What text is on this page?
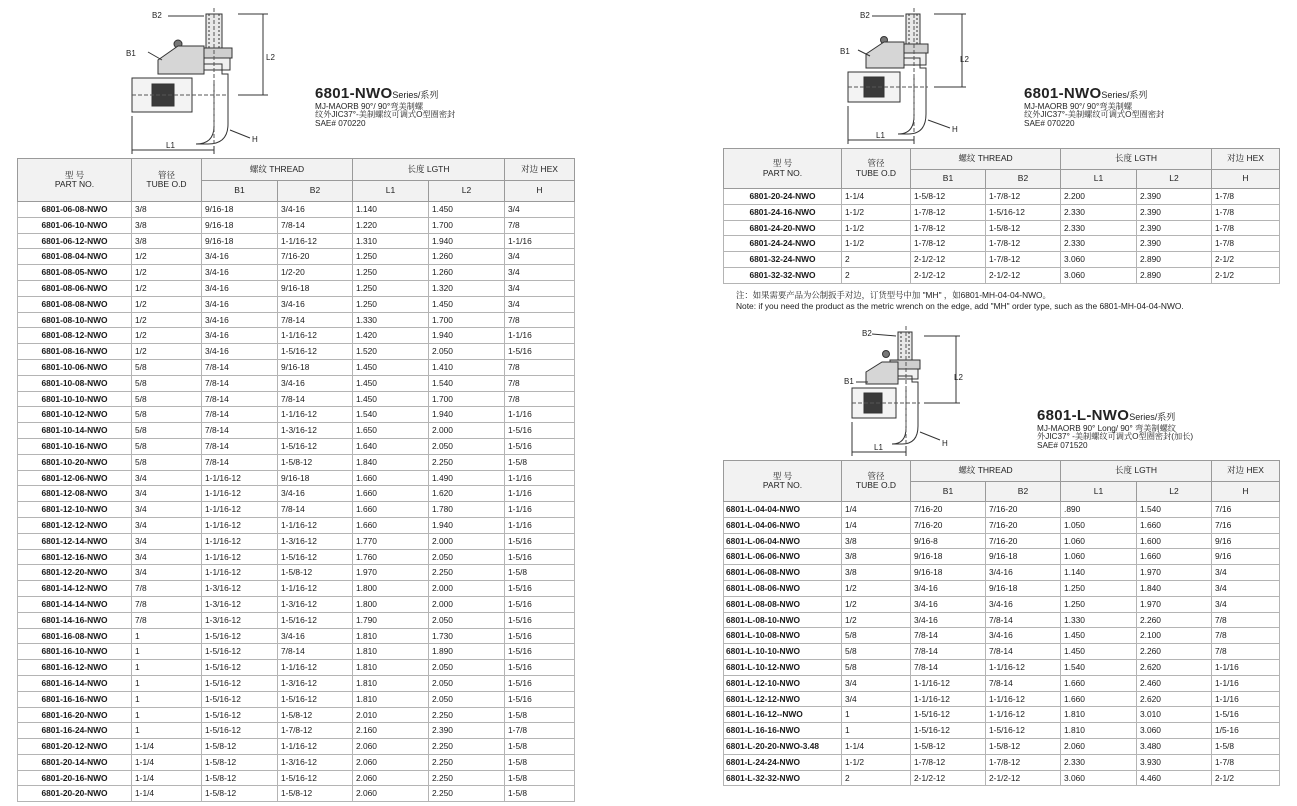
B2
B1	L2
H
L1
6801-NWOSeries/系列
MJ-MAORB 90°/ 90°弯美制螺
纹外JIC37°-美制螺纹可调式O型圈密封
SAE# 070220
型 号
PART NO.	管径
TUBE O.D	螺纹 THREAD		长度 LGTH		对边 HEX
		B1	B2	L1	L2	H
6801-06-08-NWO	3/8	9/16-18	3/4-16	1.140	1.450	3/4
6801-06-10-NWO	3/8	9/16-18	7/8-14	1.220	1.700	7/8
6801-06-12-NWO	3/8	9/16-18	1-1/16-12	1.310	1.940	1-1/16
6801-08-04-NWO	1/2	3/4-16	7/16-20	1.250	1.260	3/4
6801-08-05-NWO	1/2	3/4-16	1/2-20	1.250	1.260	3/4
6801-08-06-NWO	1/2	3/4-16	9/16-18	1.250	1.320	3/4
6801-08-08-NWO	1/2	3/4-16	3/4-16	1.250	1.450	3/4
6801-08-10-NWO	1/2	3/4-16	7/8-14	1.330	1.700	7/8
6801-08-12-NWO	1/2	3/4-16	1-1/16-12	1.420	1.940	1-1/16
6801-08-16-NWO	1/2	3/4-16	1-5/16-12	1.520	2.050	1-5/16
6801-10-06-NWO	5/8	7/8-14	9/16-18	1.450	1.410	7/8
6801-10-08-NWO	5/8	7/8-14	3/4-16	1.450	1.540	7/8
6801-10-10-NWO	5/8	7/8-14	7/8-14	1.450	1.700	7/8
6801-10-12-NWO	5/8	7/8-14	1-1/16-12	1.540	1.940	1-1/16
6801-10-14-NWO	5/8	7/8-14	1-3/16-12	1.650	2.000	1-5/16
6801-10-16-NWO	5/8	7/8-14	1-5/16-12	1.640	2.050	1-5/16
6801-10-20-NWO	5/8	7/8-14	1-5/8-12	1.840	2.250	1-5/8
6801-12-06-NWO	3/4	1-1/16-12	9/16-18	1.660	1.490	1-1/16
6801-12-08-NWO	3/4	1-1/16-12	3/4-16	1.660	1.620	1-1/16
6801-12-10-NWO	3/4	1-1/16-12	7/8-14	1.660	1.780	1-1/16
6801-12-12-NWO	3/4	1-1/16-12	1-1/16-12	1.660	1.940	1-1/16
6801-12-14-NWO	3/4	1-1/16-12	1-3/16-12	1.770	2.000	1-5/16
6801-12-16-NWO	3/4	1-1/16-12	1-5/16-12	1.760	2.050	1-5/16
6801-12-20-NWO	3/4	1-1/16-12	1-5/8-12	1.970	2.250	1-5/8
6801-14-12-NWO	7/8	1-3/16-12	1-1/16-12	1.800	2.000	1-5/16
6801-14-14-NWO	7/8	1-3/16-12	1-3/16-12	1.800	2.000	1-5/16
6801-14-16-NWO	7/8	1-3/16-12	1-5/16-12	1.790	2.050	1-5/16
6801-16-08-NWO	1	1-5/16-12	3/4-16	1.810	1.730	1-5/16
6801-16-10-NWO	1	1-5/16-12	7/8-14	1.810	1.890	1-5/16
6801-16-12-NWO	1	1-5/16-12	1-1/16-12	1.810	2.050	1-5/16
6801-16-14-NWO	1	1-5/16-12	1-3/16-12	1.810	2.050	1-5/16
6801-16-16-NWO	1	1-5/16-12	1-5/16-12	1.810	2.050	1-5/16
6801-16-20-NWO	1	1-5/16-12	1-5/8-12	2.010	2.250	1-5/8
6801-16-24-NWO	1	1-5/16-12	1-7/8-12	2.160	2.390	1-7/8
6801-20-12-NWO	1-1/4	1-5/8-12	1-1/16-12	2.060	2.250	1-5/8
6801-20-14-NWO	1-1/4	1-5/8-12	1-3/16-12	2.060	2.250	1-5/8
6801-20-16-NWO	1-1/4	1-5/8-12	1-5/16-12	2.060	2.250	1-5/8
6801-20-20-NWO	1-1/4	1-5/8-12	1-5/8-12	2.060	2.250	1-5/8
B2
B1
L2
H
L1
6801-NWOSeries/系列
MJ-MAORB 90°/ 90°弯美制螺
纹外JIC37°-美制螺纹可调式O型圈密封
SAE# 070220
型 号
PART NO.	管径
TUBE O.D	螺纹 THREAD		长度 LGTH		对边 HEX
		B1	B2	L1	L2	H
6801-20-24-NWO	1-1/4	1-5/8-12	1-7/8-12	2.200	2.390	1-7/8
6801-24-16-NWO	1-1/2	1-7/8-12	1-5/16-12	2.330	2.390	1-7/8
6801-24-20-NWO	1-1/2	1-7/8-12	1-5/8-12	2.330	2.390	1-7/8
6801-24-24-NWO	1-1/2	1-7/8-12	1-7/8-12	2.330	2.390	1-7/8
6801-32-24-NWO	2	2-1/2-12	1-7/8-12	3.060	2.890	2-1/2
6801-32-32-NWO	2	2-1/2-12	2-1/2-12	3.060	2.890	2-1/2
注：如果需要产品为公制扳手对边，订货型号中加 "MH" ，如6801-MH-04-04-NWO。
Note: if you need the product as the metric wrench on the edge, add "MH" order type, such as the 6801-MH-04-04-NWO.
B2
B1	L2
H
L1
6801-L-NWOSeries/系列
MJ-MAORB 90° Long/ 90° 弯美制螺纹
外JIC37° -美制螺纹可调式O型圈密封(加长)
SAE# 071520
型 号
PART NO.	管径
TUBE O.D	螺纹 THREAD		长度 LGTH		对边 HEX
		B1	B2	L1	L2	H
6801-L-04-04-NWO	1/4	7/16-20	7/16-20	.890	1.540	7/16
6801-L-04-06-NWO	1/4	7/16-20	7/16-20	1.050	1.660	7/16
6801-L-06-04-NWO	3/8	9/16-8	7/16-20	1.060	1.600	9/16
6801-L-06-06-NWO	3/8	9/16-18	9/16-18	1.060	1.660	9/16
6801-L-06-08-NWO	3/8	9/16-18	3/4-16	1.140	1.970	3/4
6801-L-08-06-NWO	1/2	3/4-16	9/16-18	1.250	1.840	3/4
6801-L-08-08-NWO	1/2	3/4-16	3/4-16	1.250	1.970	3/4
6801-L-08-10-NWO	1/2	3/4-16	7/8-14	1.330	2.260	7/8
6801-L-10-08-NWO	5/8	7/8-14	3/4-16	1.450	2.100	7/8
6801-L-10-10-NWO	5/8	7/8-14	7/8-14	1.450	2.260	7/8
6801-L-10-12-NWO	5/8	7/8-14	1-1/16-12	1.540	2.620	1-1/16
6801-L-12-10-NWO	3/4	1-1/16-12	7/8-14	1.660	2.460	1-1/16
6801-L-12-12-NWO	3/4	1-1/16-12	1-1/16-12	1.660	2.620	1-1/16
6801-L-16-12--NWO	1	1-5/16-12	1-1/16-12	1.810	3.010	1-5/16
6801-L-16-16-NWO	1	1-5/16-12	1-5/16-12	1.810	3.060	1/5-16
6801-L-20-20-NWO-3.48	1-1/4	1-5/8-12	1-5/8-12	2.060	3.480	1-5/8
6801-L-24-24-NWO	1-1/2	1-7/8-12	1-7/8-12	2.330	3.930	1-7/8
6801-L-32-32-NWO	2	2-1/2-12	2-1/2-12	3.060	4.460	2-1/2
